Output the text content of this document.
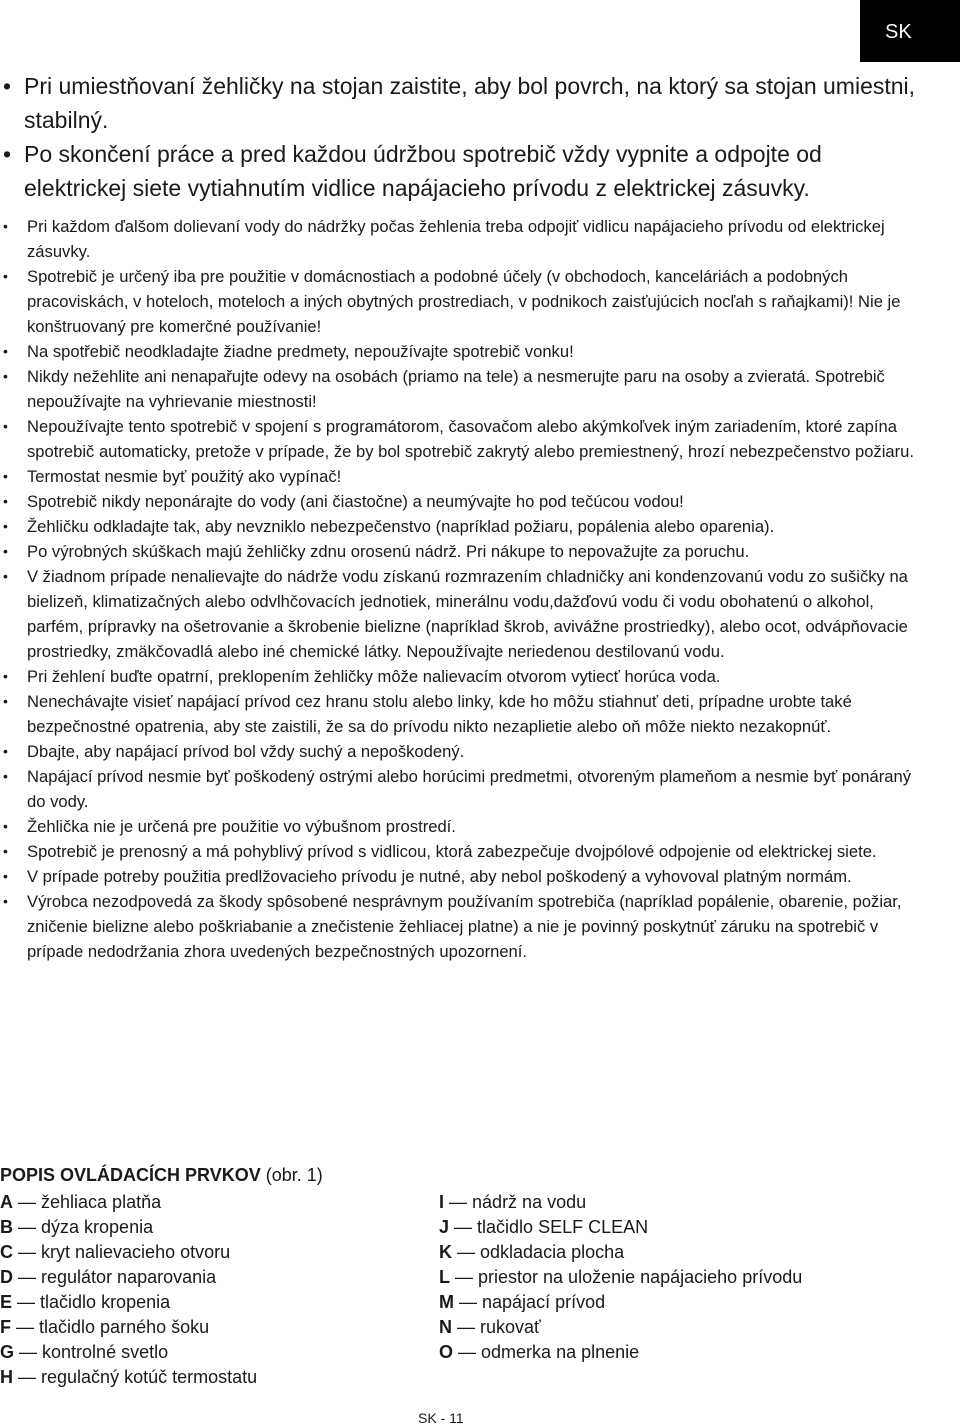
SK
• Pri umiestňovaní žehličky na stojan zaistite, aby bol povrch, na ktorý sa stojan umiestni, stabilný.
• Po skončení práce a pred každou údržbou spotrebič vždy vypnite a odpojte od elektrickej siete vytiahnutím vidlice napájacieho prívodu z elektrickej zásuvky.
• Pri každom ďalšom dolievaní vody do nádržky počas žehlenia treba odpojiť vidlicu napájacieho prívodu od elektrickej zásuvky.
• Spotrebič je určený iba pre použitie v domácnostiach a podobné účely (v obchodoch, kanceláriách a podobných pracoviskách, v hoteloch, moteloch a iných obytných prostrediach, v podnikoch zaisťujúcich nocľah s raňajkami)! Nie je konštruovaný pre komerčné používanie!
• Na spotřebič neodkladajte žiadne predmety, nepoužívajte spotrebič vonku!
• Nikdy nežehlite ani nenapařujte odevy na osobách (priamo na tele) a nesmerujte paru na osoby a zvieratá. Spotrebič nepoužívajte na vyhrievanie miestnosti!
• Nepoužívajte tento spotrebič v spojení s programátorom, časovačom alebo akýmkoľvek iným zariadením, ktoré zapína spotrebič automaticky, pretože v prípade, že by bol spotrebič zakrytý alebo premiestnený, hrozí nebezpečenstvo požiaru.
• Termostat nesmie byť použitý ako vypínač!
• Spotrebič nikdy neponárajte do vody (ani čiastočne) a neumývajte ho pod tečúcou vodou!
• Žehličku odkladajte tak, aby nevzniklo nebezpečenstvo (napríklad požiaru, popálenia alebo oparenia).
• Po výrobných skúškach majú žehličky zdnu orosenú nádrž. Pri nákupe to nepovažujte za poruchu.
• V žiadnom prípade nenalievajte do nádrže vodu získanú rozmrazením chladničky ani kondenzovanú vodu zo sušičky na bielizeň, klimatizačných alebo odvlhčovacích jednotiek, minerálnu vodu,dažďovú vodu či vodu obohatenú o alkohol, parfém, prípravky na ošetrovanie a škrobenie bielizne (napríklad škrob, avivážne prostriedky), alebo ocot, odvápňovacie prostriedky, zmäkčovadlá alebo iné chemické látky. Nepoužívajte neriedenou destilovanú vodu.
• Pri žehlení buďte opatrní, preklopením žehličky môže nalievacím otvorom vytiecť horúca voda.
• Nenechávajte visieť napájací prívod cez hranu stolu alebo linky, kde ho môžu stiahnuť deti, prípadne urobte také bezpečnostné opatrenia, aby ste zaistili, že sa do prívodu nikto nezaplietie alebo oň môže niekto nezakopnúť.
• Dbajte, aby napájací prívod bol vždy suchý a nepoškodený.
• Napájací prívod nesmie byť poškodený ostrými alebo horúcimi predmetmi, otvoreným plameňom a nesmie byť ponáraný do vody.
• Žehlička nie je určená pre použitie vo výbušnom prostredí.
• Spotrebič je prenosný a má pohyblivý prívod s vidlicou, ktorá zabezpečuje dvojpólové odpojenie od elektrickej siete.
• V prípade potreby použitia predlžovacieho prívodu je nutné, aby nebol poškodený a vyhovoval platným normám.
• Výrobca nezodpovedá za škody spôsobené nesprávnym používaním spotrebiča (napríklad popálenie, obarenie, požiar, zničenie bielizne alebo poškriabanie a znečistenie žehliacej platne) a nie je povinný poskytnúť záruku na spotrebič v prípade nedodržania zhora uvedených bezpečnostných upozornení.
POPIS OVLÁDACÍCH PRVKOV (obr. 1)
A — žehliaca platňa
B — dýza kropenia
C — kryt nalievacieho otvoru
D — regulátor naparovania
E — tlačidlo kropenia
F — tlačidlo parného šoku
G — kontrolné svetlo
H — regulačný kotúč termostatu
I — nádrž na vodu
J — tlačidlo SELF CLEAN
K — odkladacia plocha
L — priestor na uloženie napájacieho prívodu
M — napájací prívod
N — rukovať
O — odmerka na plnenie
SK - 11
